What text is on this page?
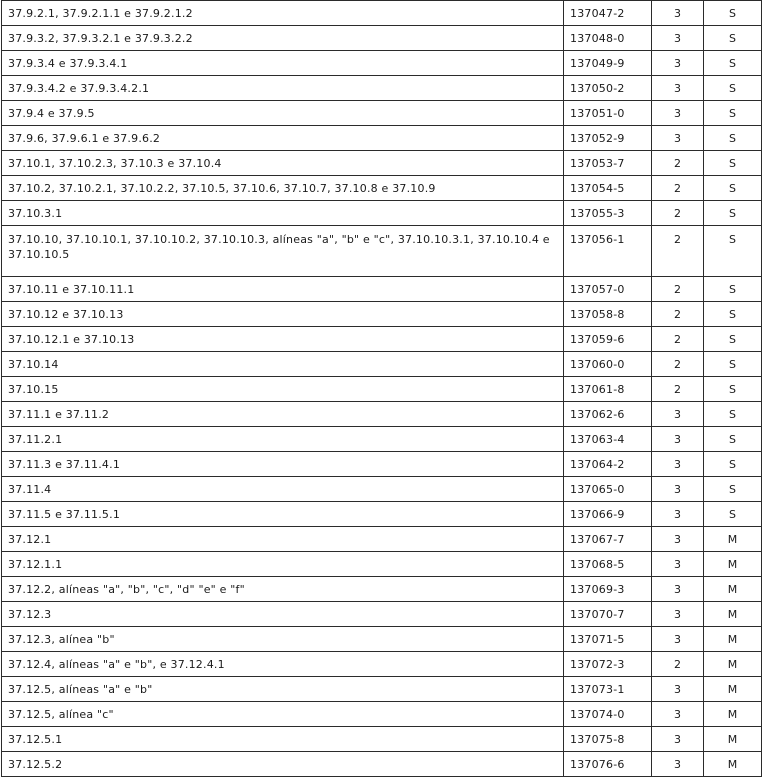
37.9.2.1, 37.9.2.1.1 e 37.9.2.1.2	137047-2	3	S
37.9.3.2, 37.9.3.2.1 e 37.9.3.2.2	137048-0	3	S
37.9.3.4 e 37.9.3.4.1	137049-9	3	S
37.9.3.4.2 e 37.9.3.4.2.1	137050-2	3	S
37.9.4 e 37.9.5	137051-0	3	S
37.9.6, 37.9.6.1 e 37.9.6.2	137052-9	3	S
37.10.1, 37.10.2.3, 37.10.3 e 37.10.4	137053-7	2	S
37.10.2, 37.10.2.1, 37.10.2.2, 37.10.5, 37.10.6, 37.10.7, 37.10.8 e 37.10.9	137054-5	2	S
37.10.3.1	137055-3	2	S
37.10.10, 37.10.10.1, 37.10.10.2, 37.10.10.3, alíneas "a", "b" e "c", 37.10.10.3.1, 37.10.10.4 e 37.10.10.5	137056-1	2	S
37.10.11 e 37.10.11.1	137057-0	2	S
37.10.12 e 37.10.13	137058-8	2	S
37.10.12.1 e 37.10.13	137059-6	2	S
37.10.14	137060-0	2	S
37.10.15	137061-8	2	S
37.11.1 e 37.11.2	137062-6	3	S
37.11.2.1	137063-4	3	S
37.11.3 e 37.11.4.1	137064-2	3	S
37.11.4	137065-0	3	S
37.11.5 e 37.11.5.1	137066-9	3	S
37.12.1	137067-7	3	M
37.12.1.1	137068-5	3	M
37.12.2, alíneas "a", "b", "c", "d" "e" e "f"	137069-3	3	M
37.12.3	137070-7	3	M
37.12.3, alínea "b"	137071-5	3	M
37.12.4, alíneas "a" e "b", e 37.12.4.1	137072-3	2	M
37.12.5, alíneas "a" e "b"	137073-1	3	M
37.12.5, alínea "c"	137074-0	3	M
37.12.5.1	137075-8	3	M
37.12.5.2	137076-6	3	M
